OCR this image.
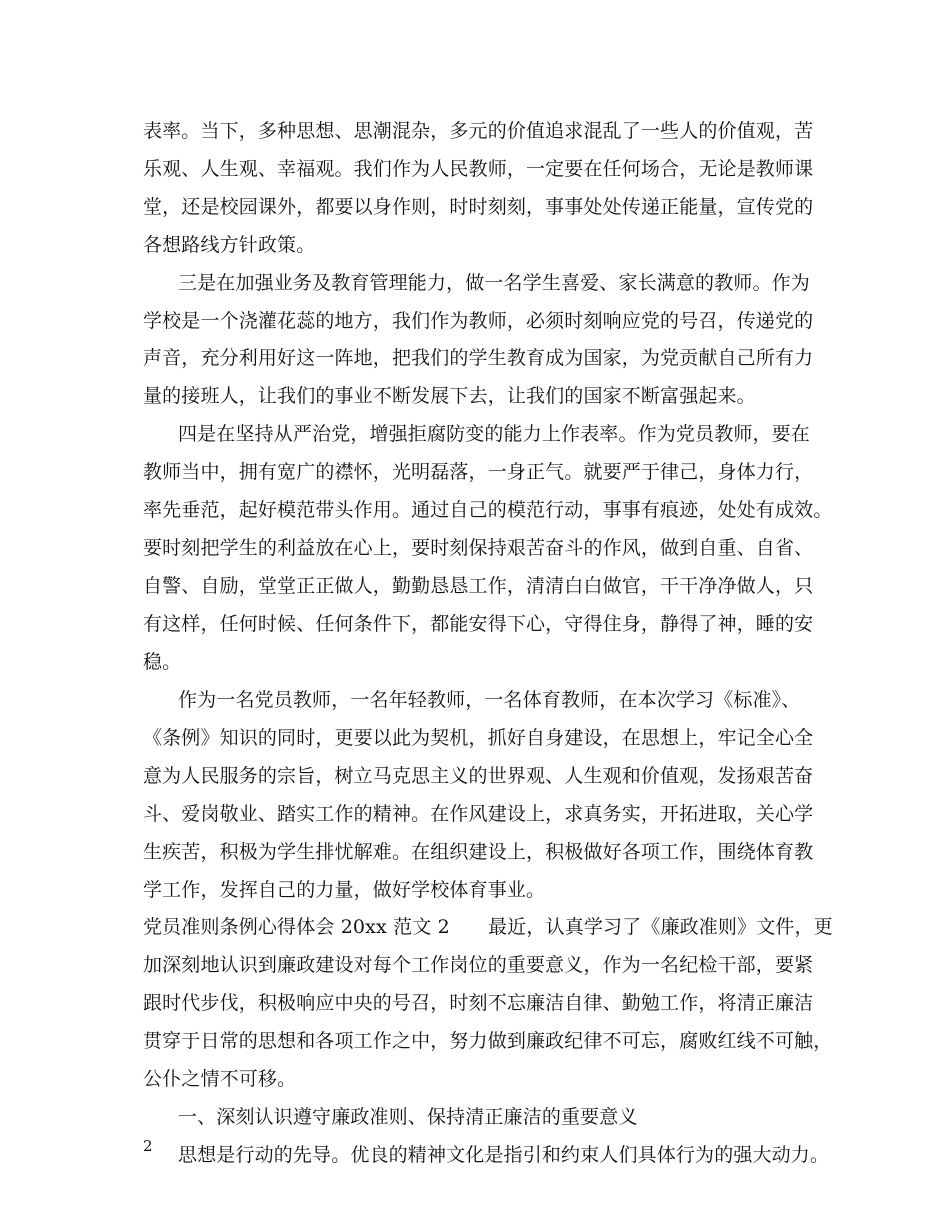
表率。当下，多种思想、思潮混杂，多元的价值追求混乱了一些人的价值观，苦
乐观、人生观、幸福观。我们作为人民教师，一定要在任何场合，无论是教师课
堂，还是校园课外，都要以身作则，时时刻刻，事事处处传递正能量，宣传党的
各想路线方针政策。
三是在加强业务及教育管理能力，做一名学生喜爱、家长满意的教师。作为
学校是一个浇灌花蕊的地方，我们作为教师，必须时刻响应党的号召，传递党的
声音，充分利用好这一阵地，把我们的学生教育成为国家，为党贡献自己所有力
量的接班人，让我们的事业不断发展下去，让我们的国家不断富强起来。
四是在坚持从严治党，增强拒腐防变的能力上作表率。作为党员教师，要在
教师当中，拥有宽广的襟怀，光明磊落，一身正气。就要严于律己，身体力行，
率先垂范，起好模范带头作用。通过自己的模范行动，事事有痕迹，处处有成效。
要时刻把学生的利益放在心上，要时刻保持艰苦奋斗的作风，做到自重、自省、
自警、自励，堂堂正正做人，勤勤恳恳工作，清清白白做官，干干净净做人，只
有这样，任何时候、任何条件下，都能安得下心，守得住身，静得了神，睡的安
稳。
作为一名党员教师，一名年轻教师，一名体育教师，在本次学习《标准》、
《条例》知识的同时，更要以此为契机，抓好自身建设，在思想上，牢记全心全
意为人民服务的宗旨，树立马克思主义的世界观、人生观和价值观，发扬艰苦奋
斗、爱岗敬业、踏实工作的精神。在作风建设上，求真务实，开拓进取，关心学
生疾苦，积极为学生排忧解难。在组织建设上，积极做好各项工作，围绕体育教
学工作，发挥自己的力量，做好学校体育事业。
党员准则条例心得体会 20xx 范文 2　　最近，认真学习了《廉政准则》文件，更
加深刻地认识到廉政建设对每个工作岗位的重要意义，作为一名纪检干部，要紧
跟时代步伐，积极响应中央的号召，时刻不忘廉洁自律、勤勉工作，将清正廉洁
贯穿于日常的思想和各项工作之中，努力做到廉政纪律不可忘，腐败红线不可触，
公仆之情不可移。
一、深刻认识遵守廉政准则、保持清正廉洁的重要意义
思想是行动的先导。优良的精神文化是指引和约束人们具体行为的强大动力。
2
